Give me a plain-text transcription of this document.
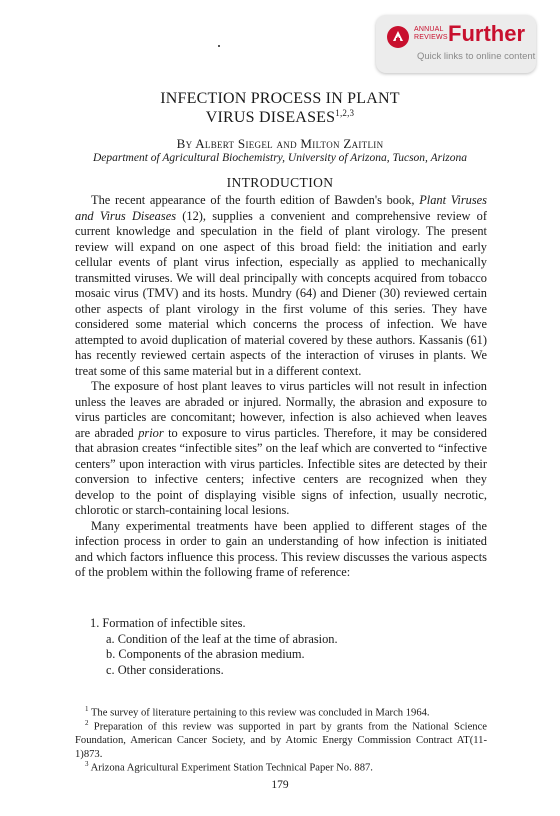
ANNUAL
REVIEWS Further
Quick links to online content
INFECTION PROCESS IN PLANT
VIRUS DISEASES$^{1,2,3}$
By Albert Siegel and Milton Zaitlin
Department of Agricultural Biochemistry, University of Arizona, Tucson, Arizona
INTRODUCTION

The recent appearance of the fourth edition of Bawden's book, Plant Viruses and Virus Diseases (12), supplies a convenient and comprehensive review of current knowledge and speculation in the field of plant virology. The present review will expand on one aspect of this broad field: the initiation and early cellular events of plant virus infection, especially as applied to mechanically transmitted viruses. We will deal principally with concepts acquired from tobacco mosaic virus (TMV) and its hosts. Mundry (64) and Diener (30) reviewed certain other aspects of plant virology in the first volume of this series. They have considered some material which concerns the process of infection. We have attempted to avoid duplication of material covered by these authors. Kassanis (61) has recently reviewed certain aspects of the interaction of viruses in plants. We treat some of this same material but in a different context.

The exposure of host plant leaves to virus particles will not result in infection unless the leaves are abraded or injured. Normally, the abrasion and exposure to virus particles are concomitant; however, infection is also achieved when leaves are abraded prior to exposure to virus particles. Therefore, it may be considered that abrasion creates “infectible sites” on the leaf which are converted to “infective centers” upon interaction with virus particles. Infectible sites are detected by their conversion to infective centers; infective centers are recognized when they develop to the point of displaying visible signs of infection, usually necrotic, chlorotic or starch-containing local lesions.

Many experimental treatments have been applied to different stages of the infection process in order to gain an understanding of how infection is initiated and which factors influence this process. This review discusses the various aspects of the problem within the following frame of reference:

1. Formation of infectible sites.
a. Condition of the leaf at the time of abrasion.
b. Components of the abrasion medium.
c. Other considerations.

$^1$ The survey of literature pertaining to this review was concluded in March 1964.

$^2$ Preparation of this review was supported in part by grants from the National Science Foundation, American Cancer Society, and by Atomic Energy Commission Contract AT(11-1)873.

$^3$ Arizona Agricultural Experiment Station Technical Paper No. 887.

179
